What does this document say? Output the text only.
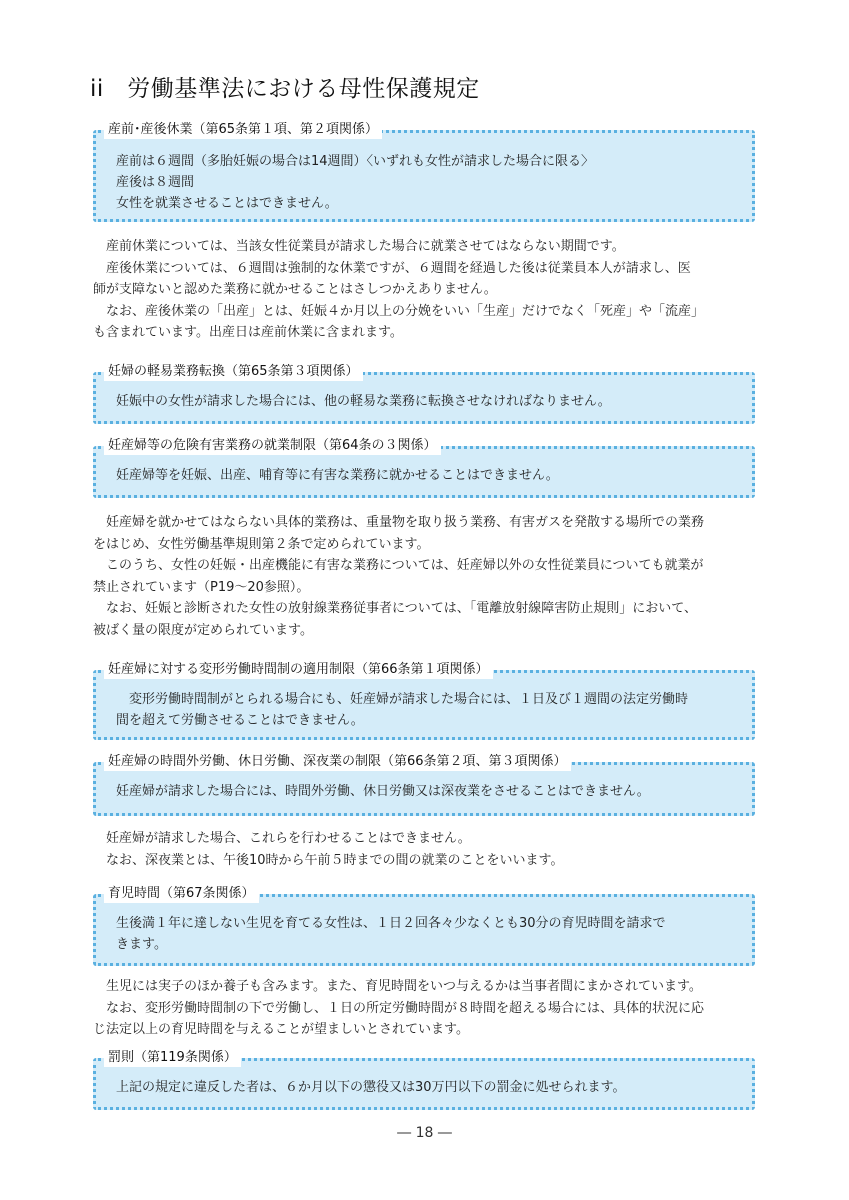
ii　労働基準法における母性保護規定
産前･産後休業（第65条第１項、第２項関係）
産前は６週間（多胎妊娠の場合は14週間）〈いずれも女性が請求した場合に限る〉
産後は８週間
女性を就業させることはできません。
　産前休業については、当該女性従業員が請求した場合に就業させてはならない期間です。
　産後休業については、６週間は強制的な休業ですが、６週間を経過した後は従業員本人が請求し、医
師が支障ないと認めた業務に就かせることはさしつかえありません。
　なお、産後休業の「出産」とは、妊娠４か月以上の分娩をいい「生産」だけでなく「死産」や「流産」
も含まれています。出産日は産前休業に含まれます。
妊婦の軽易業務転換（第65条第３項関係）
妊娠中の女性が請求した場合には、他の軽易な業務に転換させなければなりません。
妊産婦等の危険有害業務の就業制限（第64条の３関係）
妊産婦等を妊娠、出産、哺育等に有害な業務に就かせることはできません。
　妊産婦を就かせてはならない具体的業務は、重量物を取り扱う業務、有害ガスを発散する場所での業務
をはじめ、女性労働基準規則第２条で定められています。
　このうち、女性の妊娠・出産機能に有害な業務については、妊産婦以外の女性従業員についても就業が
禁止されています（P19〜20参照）。
　なお、妊娠と診断された女性の放射線業務従事者については、「電離放射線障害防止規則」において、
被ばく量の限度が定められています。
妊産婦に対する変形労働時間制の適用制限（第66条第１項関係）
　変形労働時間制がとられる場合にも、妊産婦が請求した場合には、１日及び１週間の法定労働時
間を超えて労働させることはできません。
妊産婦の時間外労働、休日労働、深夜業の制限（第66条第２項、第３項関係）
妊産婦が請求した場合には、時間外労働、休日労働又は深夜業をさせることはできません。
　妊産婦が請求した場合、これらを行わせることはできません。
　なお、深夜業とは、午後10時から午前５時までの間の就業のことをいいます。
育児時間（第67条関係）
生後満１年に達しない生児を育てる女性は、１日２回各々少なくとも30分の育児時間を請求で
きます。
　生児には実子のほか養子も含みます。また、育児時間をいつ与えるかは当事者間にまかされています。
　なお、変形労働時間制の下で労働し、１日の所定労働時間が８時間を超える場合には、具体的状況に応
じ法定以上の育児時間を与えることが望ましいとされています。
罰則（第119条関係）
上記の規定に違反した者は、６か月以下の懲役又は30万円以下の罰金に処せられます。
― 18 ―
